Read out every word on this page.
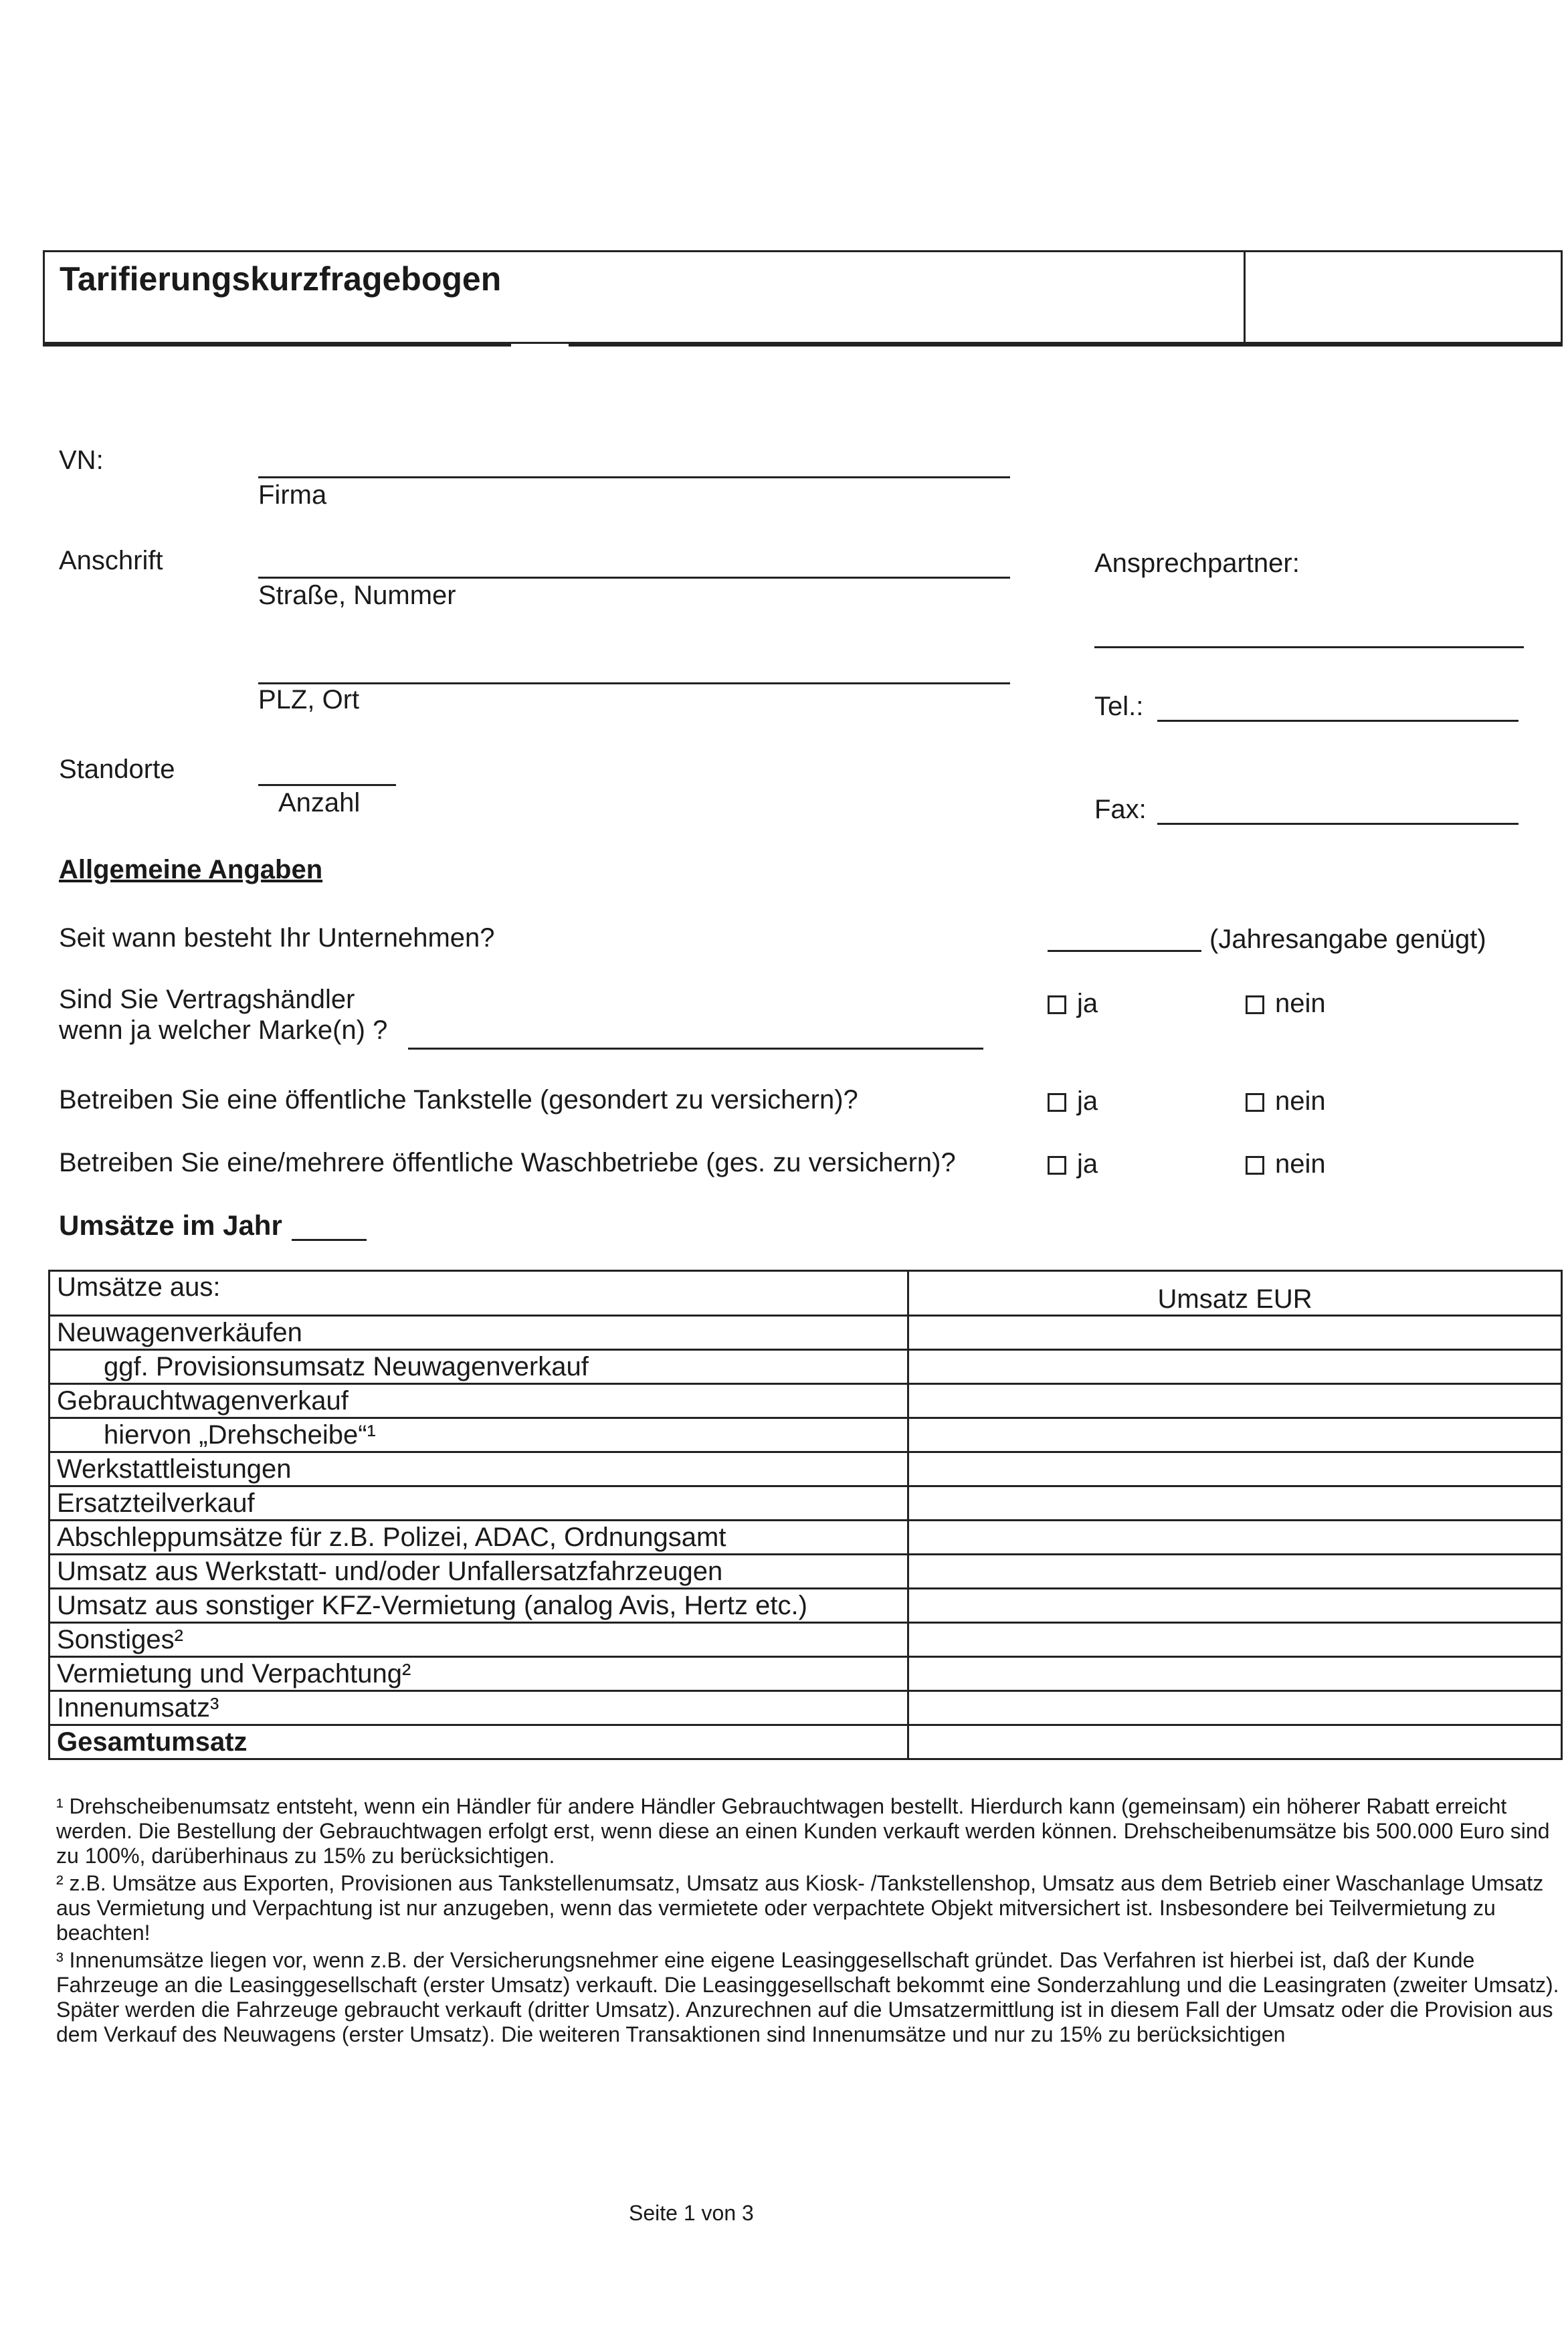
Tarifierungskurzfragebogen
VN:
Firma
Anschrift
Straße, Nummer
PLZ, Ort
Standorte
Anzahl
Ansprechpartner:
Tel.:
Fax:
Allgemeine Angaben
Seit wann besteht Ihr Unternehmen?	(Jahresangabe genügt)
Sind Sie Vertragshändler
wenn ja welcher Marke(n) ?
ja	nein
Betreiben Sie eine öffentliche Tankstelle (gesondert zu versichern)?	ja	nein
Betreiben Sie eine/mehrere öffentliche Waschbetriebe (ges. zu versichern)?	ja	nein
Umsätze im Jahr
Umsätze aus:	Umsatz EUR
Neuwagenverkäufen	
ggf. Provisionsumsatz Neuwagenverkauf	
Gebrauchtwagenverkauf	
hiervon „Drehscheibe“¹	
Werkstattleistungen	
Ersatzteilverkauf	
Abschleppumsätze für z.B. Polizei, ADAC, Ordnungsamt	
Umsatz aus Werkstatt- und/oder Unfallersatzfahrzeugen	
Umsatz aus sonstiger KFZ-Vermietung (analog Avis, Hertz etc.)	
Sonstiges²	
Vermietung und Verpachtung²	
Innenumsatz³	
Gesamtumsatz	

¹ Drehscheibenumsatz entsteht, wenn ein Händler für andere Händler Gebrauchtwagen bestellt. Hierdurch kann (gemeinsam) ein höherer Rabatt erreicht werden. Die Bestellung der Gebrauchtwagen erfolgt erst, wenn diese an einen Kunden verkauft werden können. Drehscheibenumsätze bis 500.000 Euro sind zu 100%, darüberhinaus zu 15% zu berücksichtigen.

² z.B. Umsätze aus Exporten, Provisionen aus Tankstellenumsatz, Umsatz aus Kiosk- /Tankstellenshop, Umsatz aus dem Betrieb einer Waschanlage Umsatz aus Vermietung und Verpachtung ist nur anzugeben, wenn das vermietete oder verpachtete Objekt mitversichert ist. Insbesondere bei Teilvermietung zu beachten!

³ Innenumsätze liegen vor, wenn z.B. der Versicherungsnehmer eine eigene Leasinggesellschaft gründet. Das Verfahren ist hierbei ist, daß der Kunde Fahrzeuge an die Leasinggesellschaft (erster Umsatz) verkauft. Die Leasinggesellschaft bekommt eine Sonderzahlung und die Leasingraten (zweiter Umsatz). Später werden die Fahrzeuge gebraucht verkauft (dritter Umsatz). Anzurechnen auf die Umsatzermittlung ist in diesem Fall der Umsatz oder die Provision aus dem Verkauf des Neuwagens (erster Umsatz). Die weiteren Transaktionen sind Innenumsätze und nur zu 15% zu berücksichtigen

Seite 1 von 3
